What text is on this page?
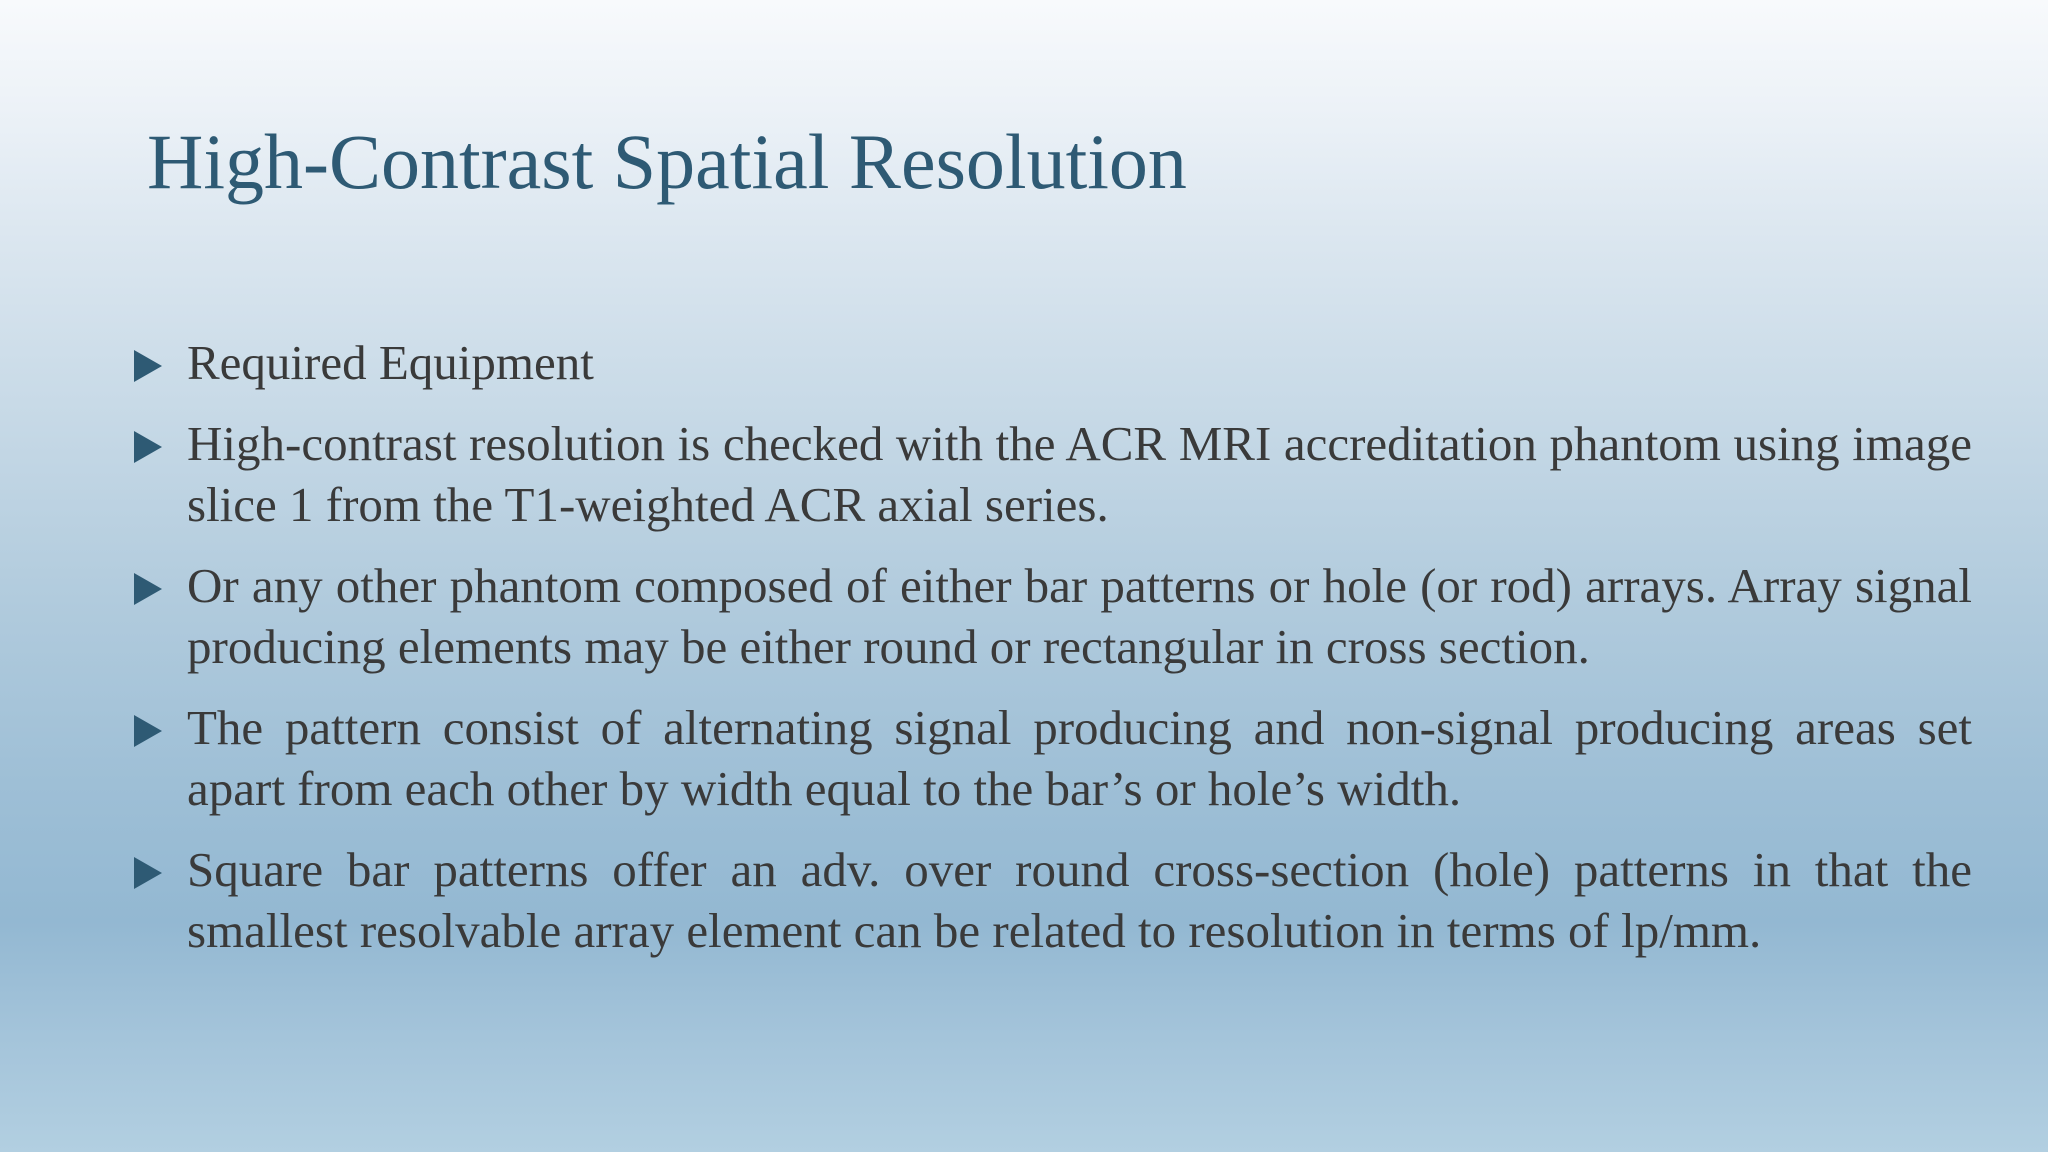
High-Contrast Spatial Resolution
Required Equipment
High-contrast resolution is checked with the ACR MRI accreditation phantom using image slice 1 from the T1-weighted ACR axial series.
Or any other phantom composed of either bar patterns or hole (or rod) arrays. Array signal producing elements may be either round or rectangular in cross section.
The pattern consist of alternating signal producing and non-signal producing areas set apart from each other by width equal to the bar’s or hole’s width.
Square bar patterns offer an adv. over round cross-section (hole) patterns in that the smallest resolvable array element can be related to resolution in terms of lp/mm.
